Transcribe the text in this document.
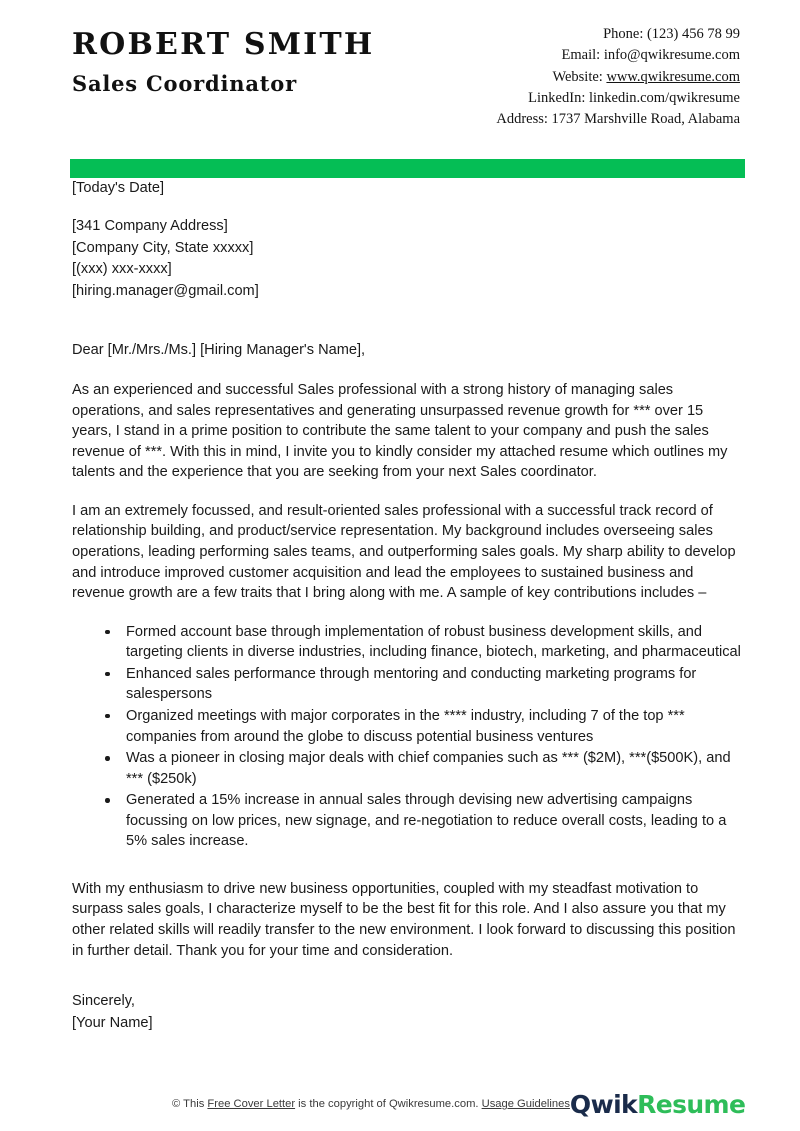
ROBERT SMITH
Sales Coordinator
Phone: (123) 456 78 99
Email: info@qwikresume.com
Website: www.qwikresume.com
LinkedIn: linkedin.com/qwikresume
Address: 1737 Marshville Road, Alabama
[Today's Date]
[341 Company Address]
[Company City, State xxxxx]
[(xxx) xxx-xxxx]
[hiring.manager@gmail.com]
Dear [Mr./Mrs./Ms.] [Hiring Manager's Name],
As an experienced and successful Sales professional with a strong history of managing sales operations, and sales representatives and generating unsurpassed revenue growth for *** over 15 years, I stand in a prime position to contribute the same talent to your company and push the sales revenue of ***. With this in mind, I invite you to kindly consider my attached resume which outlines my talents and the experience that you are seeking from your next Sales coordinator.
I am an extremely focussed, and result-oriented sales professional with a successful track record of relationship building, and product/service representation. My background includes overseeing sales operations, leading performing sales teams, and outperforming sales goals. My sharp ability to develop and introduce improved customer acquisition and lead the employees to sustained business and revenue growth are a few traits that I bring along with me. A sample of key contributions includes –
Formed account base through implementation of robust business development skills, and targeting clients in diverse industries, including finance, biotech, marketing, and pharmaceutical
Enhanced sales performance through mentoring and conducting marketing programs for salespersons
Organized meetings with major corporates in the **** industry, including 7 of the top *** companies from around the globe to discuss potential business ventures
Was a pioneer in closing major deals with chief companies such as *** ($2M), ***($500K), and *** ($250k)
Generated a 15% increase in annual sales through devising new advertising campaigns focussing on low prices, new signage, and re-negotiation to reduce overall costs, leading to a 5% sales increase.
With my enthusiasm to drive new business opportunities, coupled with my steadfast motivation to surpass sales goals, I characterize myself to be the best fit for this role. And I also assure you that my other related skills will readily transfer to the new environment. I look forward to discussing this position in further detail. Thank you for your time and consideration.
Sincerely,
[Your Name]
© This Free Cover Letter is the copyright of Qwikresume.com. Usage Guidelines QwikResume
